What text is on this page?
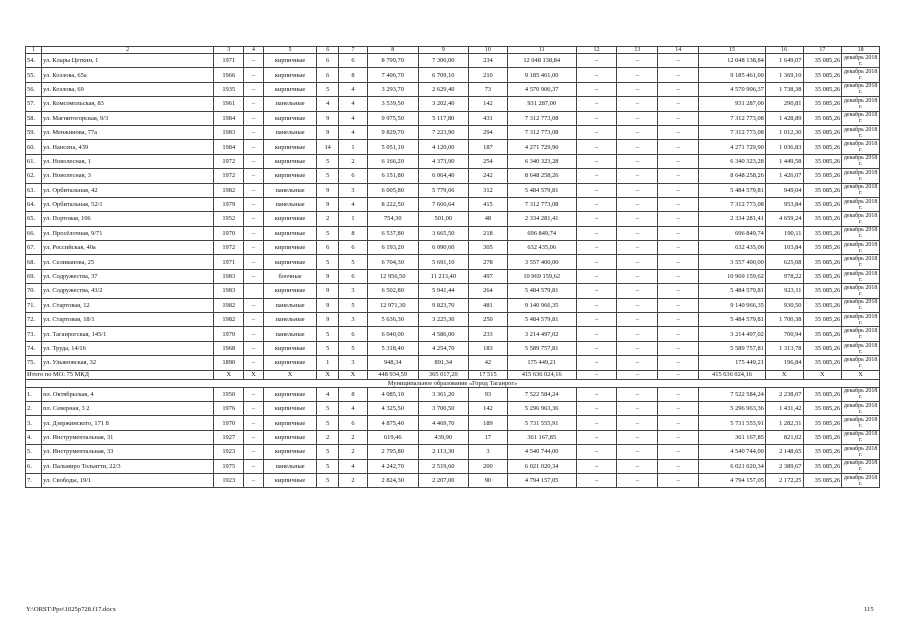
1	2	3	4	5	6	7	8	9	10	11	12	13	14	15	16	17	18
54.	ул. Клары Цеткин, 1	1971	–	кирпичные	6	6	8 799,70	7 306,00	234	12 048 138,84	–	–	–	12 048 138,84	1 649,07	35 085,26	декабрь 2018 г.
55.	ул. Козлова, 65а	1966	–	кирпичные	6	8	7 406,70	6 709,10	210	9 185 461,00	–	–	–	9 185 461,00	1 369,10	35 085,26	декабрь 2018 г.
56.	ул. Козлова, 69	1935	–	кирпичные	5	4	3 293,70	2 629,40	73	4 570 906,37	–	–	–	4 570 906,37	1 738,38	35 085,26	декабрь 2018 г.
57.	ул. Комсомольская, 83	1961	–	панельные	4	4	3 539,50	3 202,40	142	931 287,00	–	–	–	931 287,00	290,81	35 085,26	декабрь 2018 г.
58.	ул. Магнитогорская, 9/3	1984	–	кирпичные	9	4	9 975,50	5 117,80	431	7 312 773,08	–	–	–	7 312 773,08	1 428,89	35 085,26	декабрь 2018 г.
59.	ул. Менжинова, 77а	1983	–	панельные	9	4	9 829,70	7 223,90	294	7 312 773,08	–	–	–	7 312 773,08	1 012,30	35 085,26	декабрь 2018 г.
60.	ул. Нансена, 439	1984	–	кирпичные	14	1	5 051,10	4 120,00	187	4 271 729,90	–	–	–	4 271 729,90	1 036,83	35 085,26	декабрь 2018 г.
61.	ул. Новолесная, 1	1972	–	кирпичные	5	2	6 166,20	4 373,90	254	6 340 323,28	–	–	–	6 340 323,28	1 449,58	35 085,26	декабрь 2018 г.
62.	ул. Новолесная, 3	1972	–	кирпичные	5	6	6 151,80	6 064,40	242	8 648 258,26	–	–	–	8 648 258,26	1 426,07	35 085,26	декабрь 2018 г.
63.	ул. Орбитальная, 42	1982	–	панельные	9	3	6 005,80	5 779,06	312	5 484 579,81	–	–	–	5 484 579,81	949,04	35 085,26	декабрь 2018 г.
64.	ул. Орбитальная, 52/1	1979	–	панельные	9	4	8 222,50	7 666,64	415	7 312 773,08	–	–	–	7 312 773,08	953,84	35 085,26	декабрь 2018 г.
65.	ул. Портовая, 106	1952	–	кирпичные	2	1	754,30	501,00	48	2 334 281,41	–	–	–	2 334 281,41	4 659,24	35 085,26	декабрь 2018 г.
66.	ул. Просёлочная, 9/71	1970	–	кирпичные	5	8	6 537,80	3 665,50	218	696 849,74	–	–	–	696 849,74	190,11	35 085,26	декабрь 2018 г.
67.	ул. Российская, 40а	1972	–	кирпичные	6	6	6 193,20	6 090,60	305	632 435,06	–	–	–	632 435,06	103,84	35 085,26	декабрь 2018 г.
68.	ул. Селивановa, 25	1971	–	кирпичные	5	5	6 704,30	5 691,10	278	3 557 400,00	–	–	–	3 557 400,00	625,08	35 085,26	декабрь 2018 г.
69.	ул. Содружества, 37	1983	–	блочные	9	6	12 956,50	11 213,40	497	10 969 159,62	–	–	–	10 969 159,62	978,22	35 085,26	декабрь 2018 г.
70.	ул. Содружества, 43/2	1983		кирпичные	9	3	6 502,80	5 941,44	264	5 484 579,81	–	–	–	5 484 579,81	923,11	35 085,26	декабрь 2018 г.
71.	ул. Стартовая, 12	1982	–	панельные	9	5	12 971,30	9 823,70	481	9 140 966,35	–	–	–	9 140 966,35	930,50	35 085,26	декабрь 2018 г.
72.	ул. Стартовая, 18/1	1982	–	панельные	9	3	5 636,30	3 225,30	250	5 484 579,81	–	–	–	5 484 579,81	1 700,38	35 085,26	декабрь 2018 г.
73.	ул. Таганрогская, 145/1	1970	–	панельные	5	6	6 040,00	4 586,00	233	3 214 497,02	–	–	–	3 214 497,02	700,94	35 085,26	декабрь 2018 г.
74.	ул. Труда, 14/16	1968	–	кирпичные	5	5	5 318,40	4 254,70	183	5 589 757,81	–	–	–	5 589 757,81	1 313,78	35 085,26	декабрь 2018 г.
75.	ул. Ульяновская, 32	1890	–	кирпичные	1	3	948,34	891,34	42	175 449,21	–	–	–	175 449,21	196,84	35 085,26	декабрь 2018 г.
Итого по МО: 75 МКД		X	X	X	X	X	448 934,59	365 017,20	17 515	415 636 024,16	–	–	–	415 636 024,16	X	X	X
Муниципальное образование «Город Таганрог»																	
1.	пл. Октябрьская, 4	1950	–	кирпичные	4	8	4 085,10	3 361,20	93	7 522 584,24	–	–	–	7 522 584,24	2 238,07	35 085,26	декабрь 2018 г.
2.	пл. Северная, 3 2	1976	–	кирпичные	5	4	4 325,50	3 700,50	142	5 296 963,36	–	–	–	5 296 963,36	1 431,42	35 085,26	декабрь 2018 г.
3.	ул. Дзержинского, 171 8	1970	–	кирпичные	5	6	4 875,40	4 469,70	189	5 731 555,91	–	–	–	5 731 555,91	1 282,31	35 085,26	декабрь 2018 г.
4.	ул. Инструментальная, 31	1927	–	кирпичные	2	2	619,46	439,90	17	361 167,85	–	–	–	361 167,85	821,02	35 085,26	декабрь 2018 г.
5.	ул. Инструментальная, 33	1923	–	кирпичные	5	2	2 795,80	2 113,30	3	4 540 744,00	–	–	–	4 540 744,00	2 148,65	35 085,26	декабрь 2018 г.
6.	ул. Пальмиро Тольятти, 22/3	1975	–	панельные	5	4	4 242,70	2 519,60	200	6 021 020,34	–	–	–	6 021 020,34	2 389,67	35 085,26	декабрь 2018 г.
7.	ул. Свободы, 19/1	1923	–	кирпичные	5	2	2 824,30	2 207,00	90	4 794 157,05	–	–	–	4 794 157,05	2 172,25	35 085,26	декабрь 2018 г.
Y:\ORST\Ppo\1025p728.f17.docx	115
